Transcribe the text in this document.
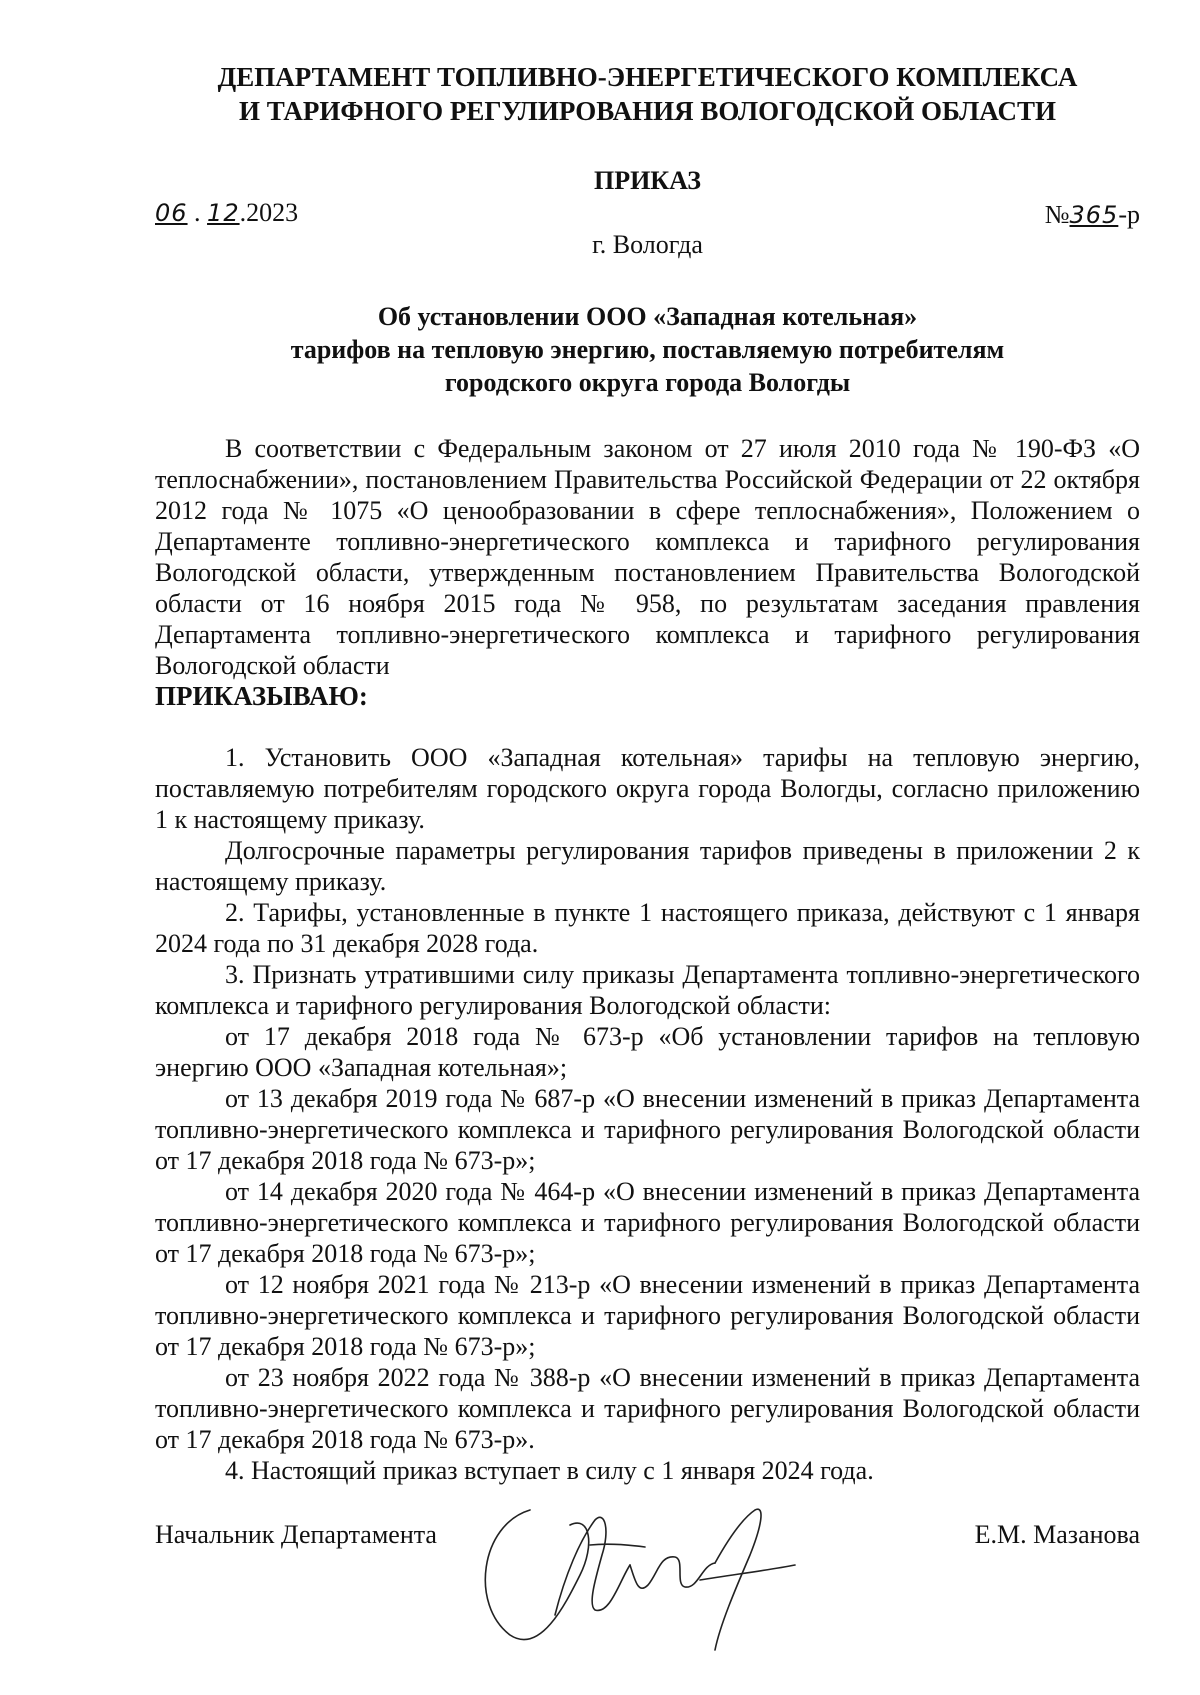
ДЕПАРТАМЕНТ ТОПЛИВНО-ЭНЕРГЕТИЧЕСКОГО КОМПЛЕКСА

И ТАРИФНОГО РЕГУЛИРОВАНИЯ ВОЛОГОДСКОЙ ОБЛАСТИ

ПРИКАЗ
06 . 12.2023	№365-р
г. Вологда
Об установлении ООО «Западная котельная»
тарифов на тепловую энергию, поставляемую потребителям
городского округа города Вологды

В соответствии с Федеральным законом от 27 июля 2010 года № 190-ФЗ «О теплоснабжении», постановлением Правительства Российской Федерации от 22 октября 2012 года № 1075 «О ценообразовании в сфере теплоснабжения», Положением о Департаменте топливно-энергетического комплекса и тарифного регулирования Вологодской области, утвержденным постановлением Правительства Вологодской области от 16 ноября 2015 года № 958, по результатам заседания правления Департамента топливно-энергетического комплекса и тарифного регулирования Вологодской области

ПРИКАЗЫВАЮ:

1. Установить ООО «Западная котельная» тарифы на тепловую энергию, поставляемую потребителям городского округа города Вологды, согласно приложению 1 к настоящему приказу.

Долгосрочные параметры регулирования тарифов приведены в приложении 2 к настоящему приказу.

2. Тарифы, установленные в пункте 1 настоящего приказа, действуют с 1 января 2024 года по 31 декабря 2028 года.

3. Признать утратившими силу приказы Департамента топливно-энергетического комплекса и тарифного регулирования Вологодской области:

от 17 декабря 2018 года № 673-р «Об установлении тарифов на тепловую энергию ООО «Западная котельная»;

от 13 декабря 2019 года № 687-р «О внесении изменений в приказ Департамента топливно-энергетического комплекса и тарифного регулирования Вологодской области от 17 декабря 2018 года № 673-р»;

от 14 декабря 2020 года № 464-р «О внесении изменений в приказ Департамента топливно-энергетического комплекса и тарифного регулирования Вологодской области от 17 декабря 2018 года № 673-р»;

от 12 ноября 2021 года № 213-р «О внесении изменений в приказ Департамента топливно-энергетического комплекса и тарифного регулирования Вологодской области от 17 декабря 2018 года № 673-р»;

от 23 ноября 2022 года № 388-р «О внесении изменений в приказ Департамента топливно-энергетического комплекса и тарифного регулирования Вологодской области от 17 декабря 2018 года № 673-р».

4. Настоящий приказ вступает в силу с 1 января 2024 года.

Начальник Департамента	Е.М. Мазанова
